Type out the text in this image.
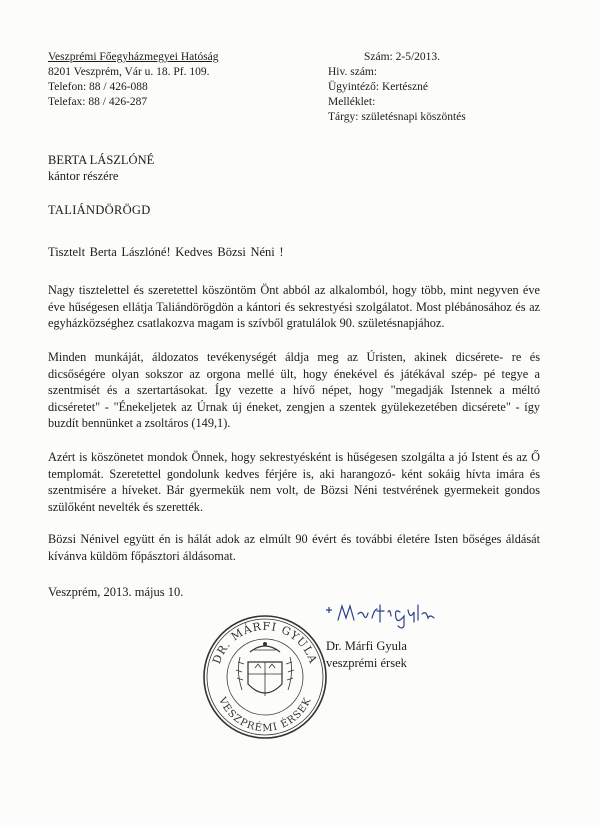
Veszprémi Főegyházmegyei Hatóság
8201 Veszprém, Vár u. 18. Pf. 109.
Telefon: 88 / 426-088
Telefax: 88 / 426-287
Szám: 2-5/2013.
Hiv. szám:
Ügyintéző: Kertészné
Melléklet:
Tárgy: születésnapi köszöntés
BERTA LÁSZLÓNÉ
kántor részére
TALIÁNDÖRÖGD
Tisztelt Berta Lászlóné! Kedves Bözsi Néni !

Nagy tisztelettel és szeretettel köszöntöm Önt abból az alkalomból, hogy több, mint negyven éve éve hűségesen ellátja Taliándörögdön a kántori és sekrestyési szolgálatot. Most plébánosához és az egyházközséghez csatlakozva magam is szívből gratulálok 90. születésnapjához.

Minden munkáját, áldozatos tevékenységét áldja meg az Úristen, akinek dicsérete- re és dicsőségére olyan sokszor az orgona mellé ült, hogy énekével és játékával szép- pé tegye a szentmisét és a szertartásokat. Így vezette a hívő népet, hogy "megadják Istennek a méltó dicséretet" - "Énekeljetek az Úrnak új éneket, zengjen a szentek gyülekezetében dicsérete" - így buzdít bennünket a zsoltáros (149,1).

Azért is köszönetet mondok Önnek, hogy sekrestyésként is hűségesen szolgálta a jó Istent és az Ő templomát. Szeretettel gondolunk kedves férjére is, aki harangozó- ként sokáig hívta imára és szentmisére a híveket. Bár gyermekük nem volt, de Bözsi Néni testvérének gyermekeit gondos szülőként nevelték és szerették.

Bözsi Nénivel együtt én is hálát adok az elmúlt 90 évért és további életére Isten bőséges áldását kívánva küldöm főpásztori áldásomat.

Veszprém, 2013. május 10.
Dr. Márfi Gyula
veszprémi érsek
DR. MÁRFI GYULA
VESZPRÉMI ÉRSEK
